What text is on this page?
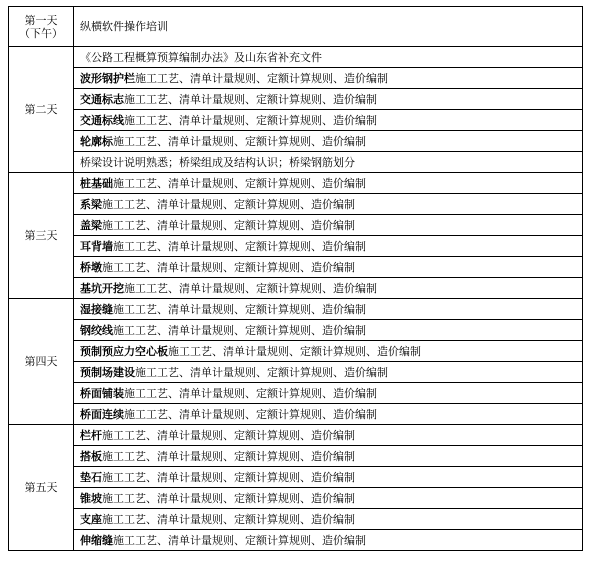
第一天
（下午）	纵横软件操作培训

第二天	《公路工程概算预算编制办法》及山东省补充文件
	波形钢护栏施工工艺、清单计量规则、定额计算规则、造价编制
	交通标志施工工艺、清单计量规则、定额计算规则、造价编制
	交通标线施工工艺、清单计量规则、定额计算规则、造价编制
	轮廓标施工工艺、清单计量规则、定额计算规则、造价编制
	桥梁设计说明熟悉；桥梁组成及结构认识；桥梁钢筋划分

第三天	桩基础施工工艺、清单计量规则、定额计算规则、造价编制
	系梁施工工艺、清单计量规则、定额计算规则、造价编制
	盖梁施工工艺、清单计量规则、定额计算规则、造价编制
	耳背墙施工工艺、清单计量规则、定额计算规则、造价编制
	桥墩施工工艺、清单计量规则、定额计算规则、造价编制
	基坑开挖施工工艺、清单计量规则、定额计算规则、造价编制

第四天	湿接缝施工工艺、清单计量规则、定额计算规则、造价编制
	钢绞线施工工艺、清单计量规则、定额计算规则、造价编制
	预制预应力空心板施工工艺、清单计量规则、定额计算规则、造价编制
	预制场建设施工工艺、清单计量规则、定额计算规则、造价编制
	桥面铺装施工工艺、清单计量规则、定额计算规则、造价编制
	桥面连续施工工艺、清单计量规则、定额计算规则、造价编制

第五天	栏杆施工工艺、清单计量规则、定额计算规则、造价编制
	搭板施工工艺、清单计量规则、定额计算规则、造价编制
	垫石施工工艺、清单计量规则、定额计算规则、造价编制
	锥坡施工工艺、清单计量规则、定额计算规则、造价编制
	支座施工工艺、清单计量规则、定额计算规则、造价编制
	伸缩缝施工工艺、清单计量规则、定额计算规则、造价编制
